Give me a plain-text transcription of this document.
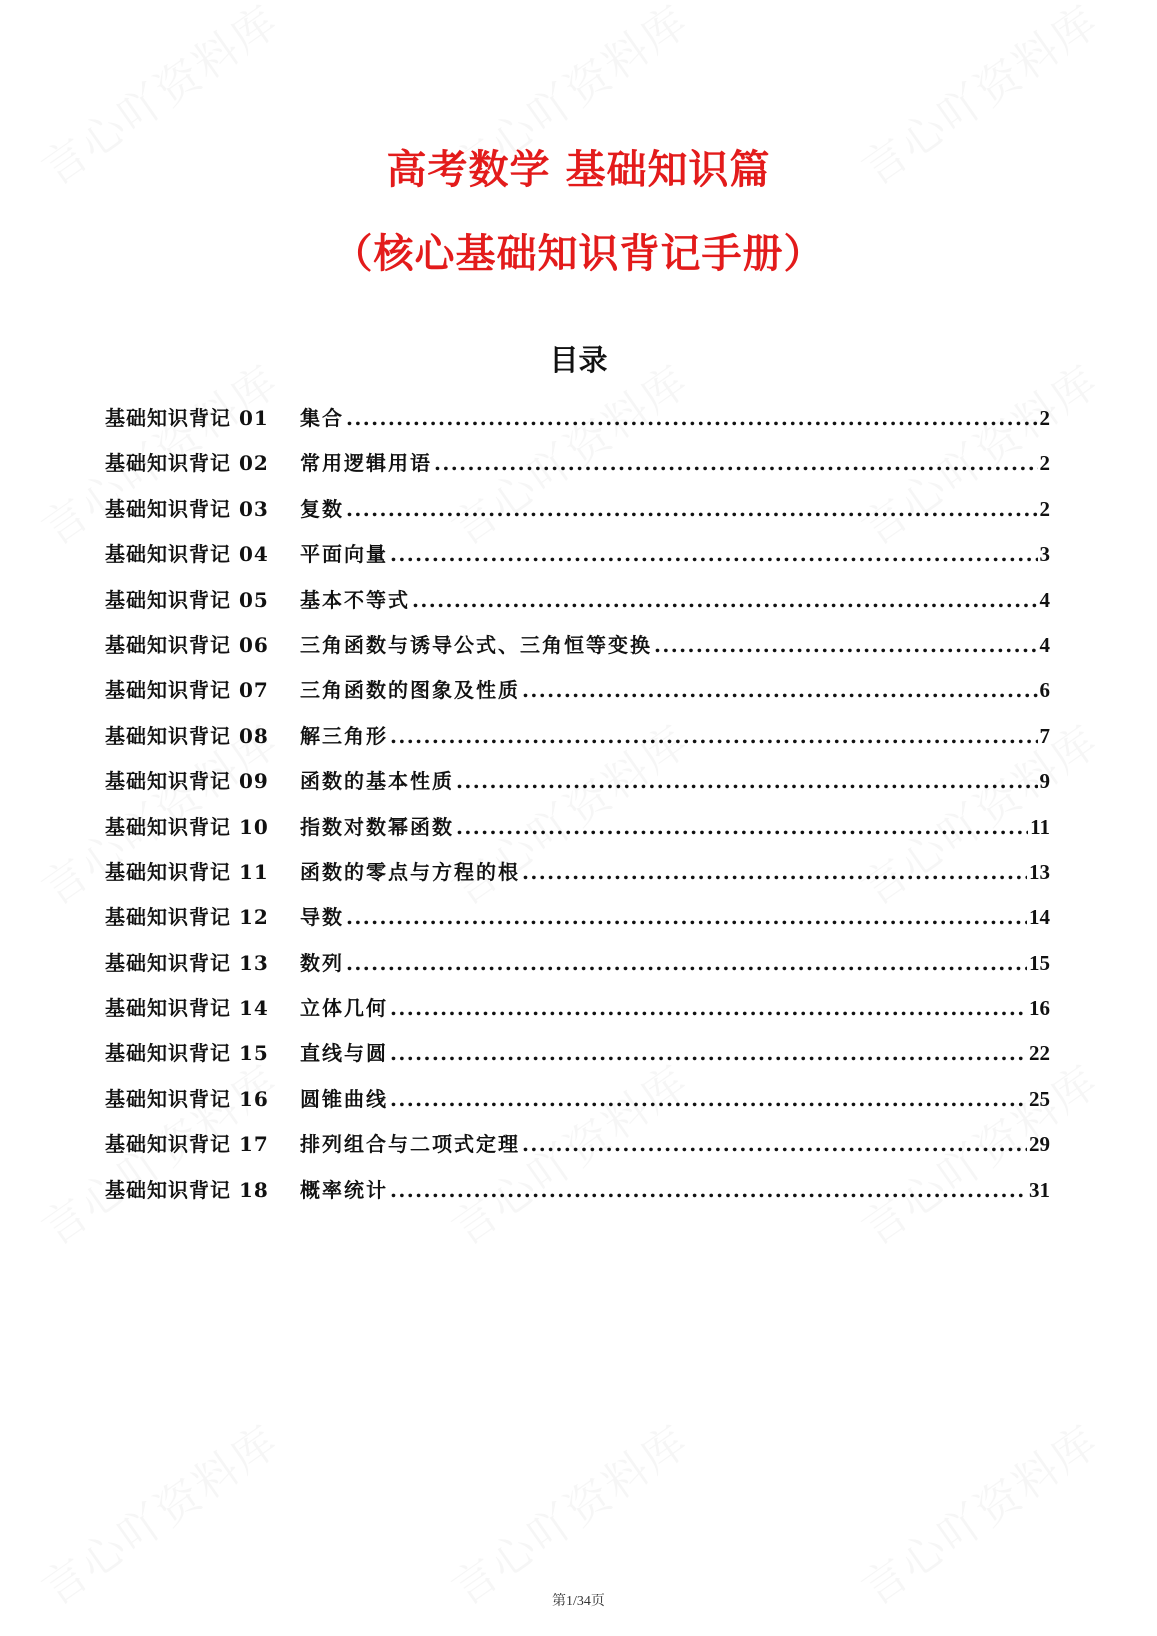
高考数学 基础知识篇
（核心基础知识背记手册）
目录
基础知识背记 01	集合 .....	2
基础知识背记 02	常用逻辑用语 .....	2
基础知识背记 03	复数 .....	2
基础知识背记 04	平面向量 .....	3
基础知识背记 05	基本不等式 .....	4
基础知识背记 06	三角函数与诱导公式、三角恒等变换 .....	4
基础知识背记 07	三角函数的图象及性质 .....	6
基础知识背记 08	解三角形 .....	7
基础知识背记 09	函数的基本性质 .....	9
基础知识背记 10	指数对数幂函数 .....	11
基础知识背记 11	函数的零点与方程的根 .....	13
基础知识背记 12	导数 .....	14
基础知识背记 13	数列 .....	15
基础知识背记 14	立体几何 .....	16
基础知识背记 15	直线与圆 .....	22
基础知识背记 16	圆锥曲线 .....	25
基础知识背记 17	排列组合与二项式定理 .....	29
基础知识背记 18	概率统计 .....	31
第1/34页
